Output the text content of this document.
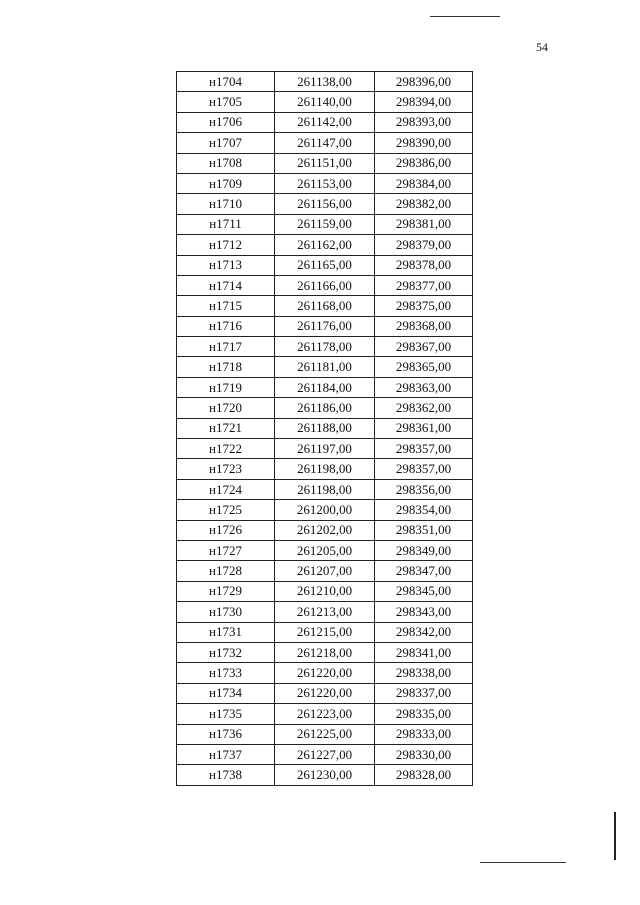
54
н1704	261138,00	298396,00
н1705	261140,00	298394,00
н1706	261142,00	298393,00
н1707	261147,00	298390,00
н1708	261151,00	298386,00
н1709	261153,00	298384,00
н1710	261156,00	298382,00
н1711	261159,00	298381,00
н1712	261162,00	298379,00
н1713	261165,00	298378,00
н1714	261166,00	298377,00
н1715	261168,00	298375,00
н1716	261176,00	298368,00
н1717	261178,00	298367,00
н1718	261181,00	298365,00
н1719	261184,00	298363,00
н1720	261186,00	298362,00
н1721	261188,00	298361,00
н1722	261197,00	298357,00
н1723	261198,00	298357,00
н1724	261198,00	298356,00
н1725	261200,00	298354,00
н1726	261202,00	298351,00
н1727	261205,00	298349,00
н1728	261207,00	298347,00
н1729	261210,00	298345,00
н1730	261213,00	298343,00
н1731	261215,00	298342,00
н1732	261218,00	298341,00
н1733	261220,00	298338,00
н1734	261220,00	298337,00
н1735	261223,00	298335,00
н1736	261225,00	298333,00
н1737	261227,00	298330,00
н1738	261230,00	298328,00
